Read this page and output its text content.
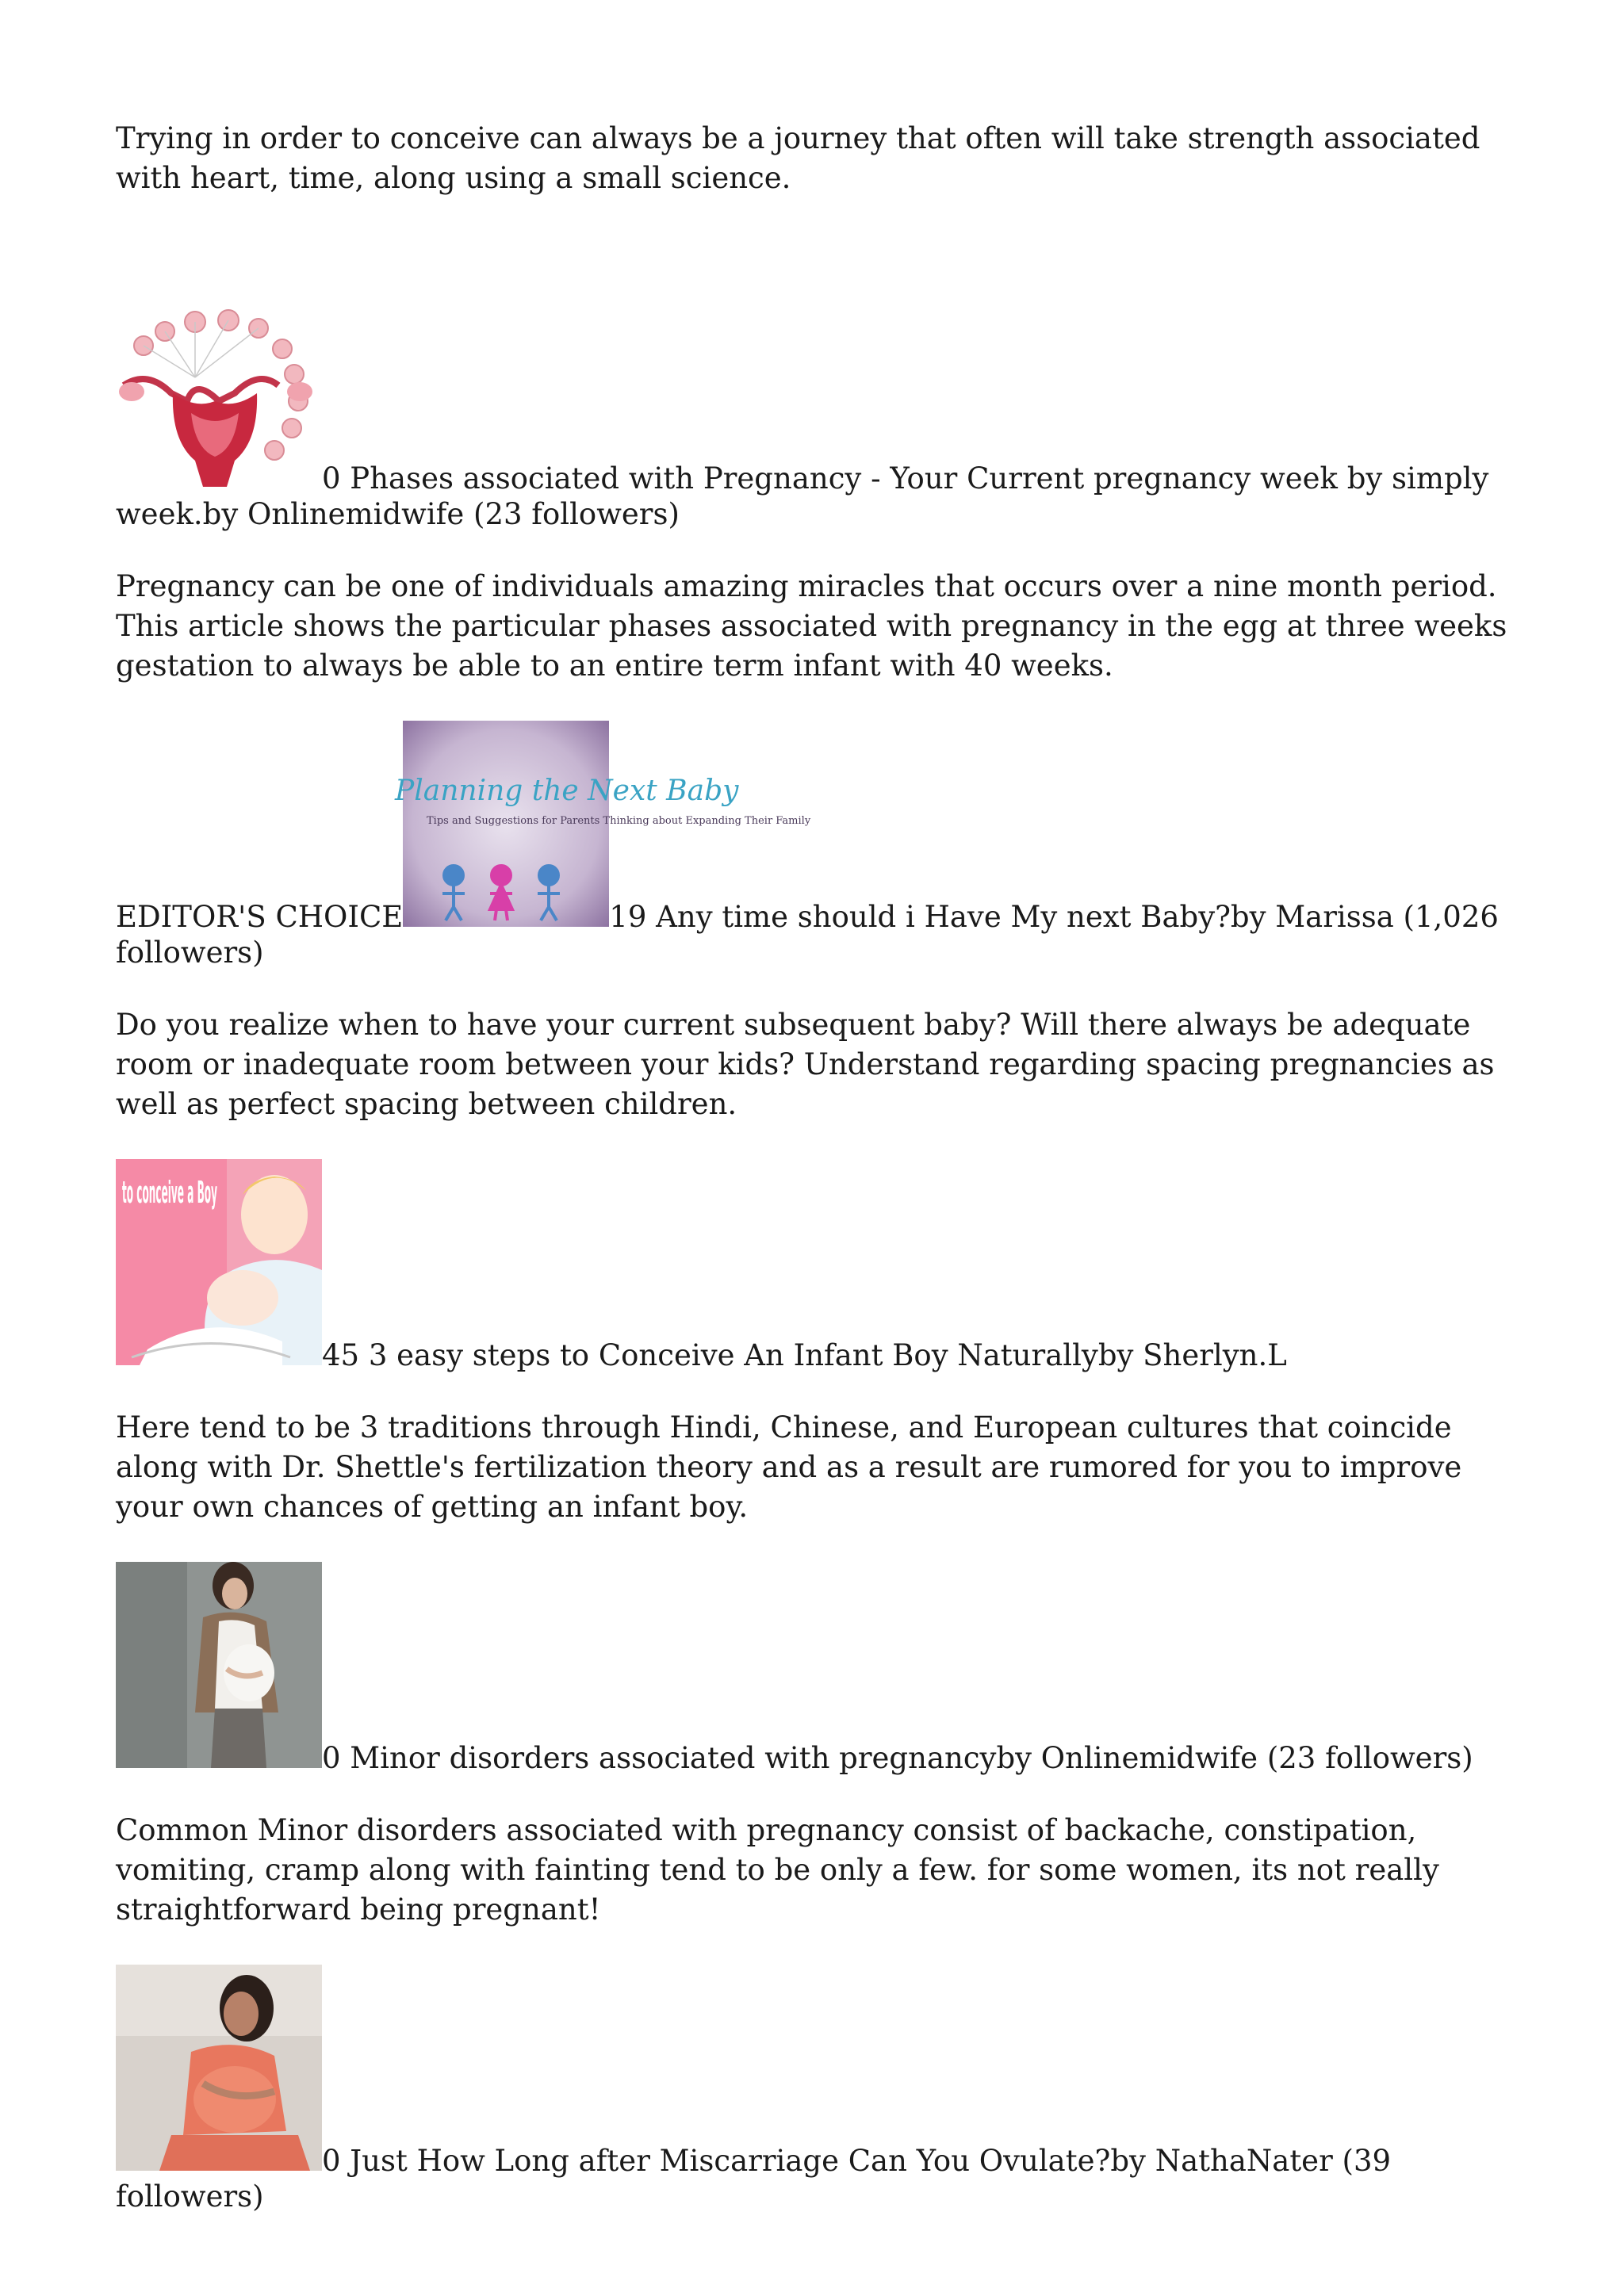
Trying in order to conceive can always be a journey that often will take strength associated with heart, time, along using a small science.

0 Phases associated with Pregnancy - Your Current pregnancy week by simply week.by Onlinemidwife (23 followers)

Pregnancy can be one of individuals amazing miracles that occurs over a nine month period. This article shows the particular phases associated with pregnancy in the egg at three weeks gestation to always be able to an entire term infant with 40 weeks.

EDITOR'S CHOICE
Planning the Next Baby
Tips and Suggestions for Parents Thinking about Expanding Their Family
19 Any time should i Have My next Baby?by Marissa (1,026 followers)

Do you realize when to have your current subsequent baby? Will there always be adequate room or inadequate room between your kids? Understand regarding spacing pregnancies as well as perfect spacing between children.

to conceive a Boy
45 3 easy steps to Conceive An Infant Boy Naturallyby Sherlyn.L

Here tend to be 3 traditions through Hindi, Chinese, and European cultures that coincide along with Dr. Shettle's fertilization theory and as a result are rumored for you to improve your own chances of getting an infant boy.

0 Minor disorders associated with pregnancyby Onlinemidwife (23 followers)

Common Minor disorders associated with pregnancy consist of backache, constipation, vomiting, cramp along with fainting tend to be only a few. for some women, its not really straightforward being pregnant!

0 Just How Long after Miscarriage Can You Ovulate?by NathaNater (39 followers)
